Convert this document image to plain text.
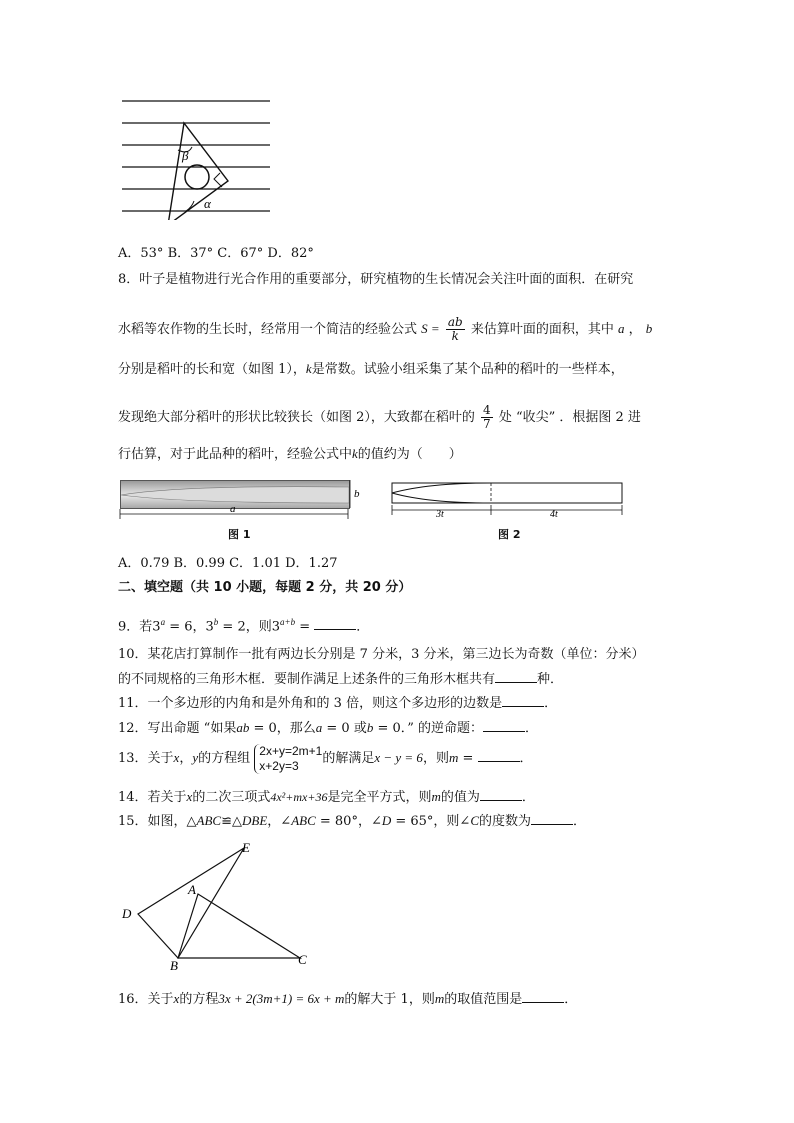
β
α
A．53° B．37° C．67° D．82°
8．叶子是植物进行光合作用的重要部分，研究植物的生长情况会关注叶面的面积．在研究
水稻等农作物的生长时，经常用一个简洁的经验公式 $S = \frac{ab}{k}$ 来估算叶面的面积，其中 a ， b
分别是稻叶的长和宽（如图 1），k是常数。试验小组采集了某个品种的稻叶的一些样本，
发现绝大部分稻叶的形状比较狭长（如图 2），大致都在稻叶的 $\frac{4}{7}$ 处 “收尖” ．根据图 2 进
行估算，对于此品种的稻叶，经验公式中k的值约为（　　）
b
a
图 1
3t	4t
图 2
A．0.79 B．0.99 C．1.01 D．1.27
二、填空题（共 10 小题，每题 2 分，共 20 分）
9．若$3^a = 6$，$3^b = 2$，则$3^{a+b}$ =	．
10．某花店打算制作一批有两边长分别是 7 分米，3 分米，第三边长为奇数（单位：分米）
的不同规格的三角形木框．要制作满足上述条件的三角形木框共有	种．
11．一个多边形的内角和是外角和的 3 倍，则这个多边形的边数是	．
12．写出命题 “如果ab = 0，那么a = 0 或b = 0．” 的逆命题：	．
13．关于x，y的方程组
2x+y=2m+1
x+2y=3	的解满足x − y = 6，则m =	．
14．若关于x的二次三项式4x²+mx+36是完全平方式，则m的值为	．
15．如图，△ABC≌△DBE，∠ABC = 80°，∠D = 65°，则∠C的度数为	．
E
A
D
B	C
16．关于x的方程3x + 2(3m+1) = 6x + m的解大于 1，则m的取值范围是	．
